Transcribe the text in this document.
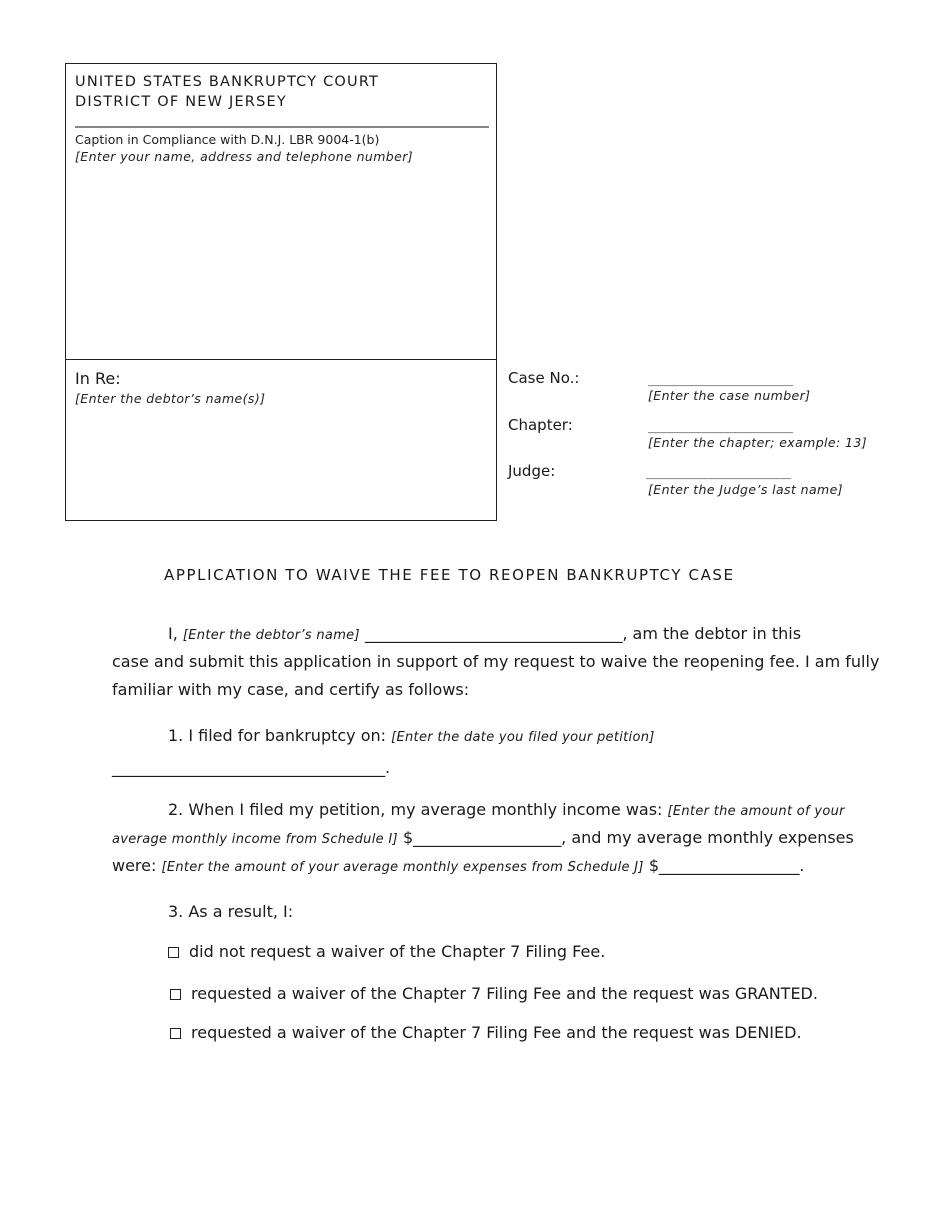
UNITED STATES BANKRUPTCY COURT
DISTRICT OF NEW JERSEY
Caption in Compliance with D.N.J. LBR 9004-1(b)
[Enter your name, address and telephone number]
In Re:
[Enter the debtor’s name(s)]
Case No.:	____________________
[Enter the case number]
Chapter:	____________________
[Enter the chapter; example: 13]
Judge:	____________________
[Enter the Judge’s last name]
APPLICATION TO WAIVE THE FEE TO REOPEN BANKRUPTCY CASE
I, [Enter the debtor’s name] _________________________________, am the debtor in this
case and submit this application in support of my request to waive the reopening fee. I am fully
familiar with my case, and certify as follows:
1. I filed for bankruptcy on: [Enter the date you filed your petition]
___________________________________.
2. When I filed my petition, my average monthly income was: [Enter the amount of your
average monthly income from Schedule I] $___________________, and my average monthly expenses
were: [Enter the amount of your average monthly expenses from Schedule J] $__________________.
3. As a result, I:
did not request a waiver of the Chapter 7 Filing Fee.
requested a waiver of the Chapter 7 Filing Fee and the request was GRANTED.
requested a waiver of the Chapter 7 Filing Fee and the request was DENIED.
